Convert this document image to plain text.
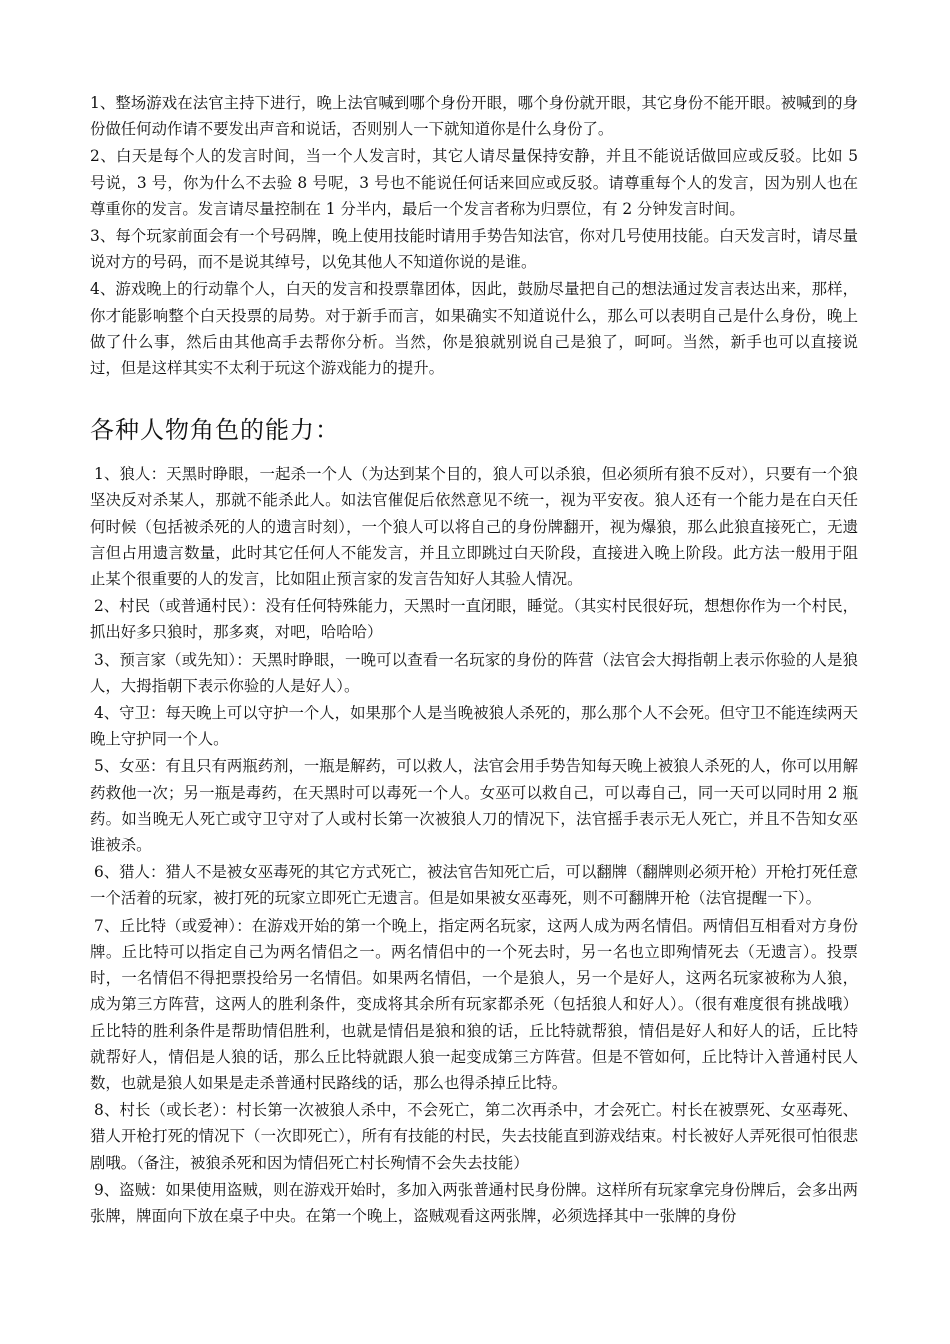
1、整场游戏在法官主持下进行，晚上法官喊到哪个身份开眼，哪个身份就开眼，其它身份不能开眼。被喊到的身份做任何动作请不要发出声音和说话，否则别人一下就知道你是什么身份了。

2、白天是每个人的发言时间，当一个人发言时，其它人请尽量保持安静，并且不能说话做回应或反驳。比如 5 号说，3 号，你为什么不去验 8 号呢，3 号也不能说任何话来回应或反驳。请尊重每个人的发言，因为别人也在尊重你的发言。发言请尽量控制在 1 分半内，最后一个发言者称为归票位，有 2 分钟发言时间。

3、每个玩家前面会有一个号码牌，晚上使用技能时请用手势告知法官，你对几号使用技能。白天发言时，请尽量说对方的号码，而不是说其绰号，以免其他人不知道你说的是谁。

4、游戏晚上的行动靠个人，白天的发言和投票靠团体，因此，鼓励尽量把自己的想法通过发言表达出来，那样，你才能影响整个白天投票的局势。对于新手而言，如果确实不知道说什么，那么可以表明自己是什么身份，晚上做了什么事，然后由其他高手去帮你分析。当然，你是狼就别说自己是狼了，呵呵。当然，新手也可以直接说过，但是这样其实不太利于玩这个游戏能力的提升。

各种人物角色的能力：

1、狼人：天黑时睁眼，一起杀一个人（为达到某个目的，狼人可以杀狼，但必须所有狼不反对），只要有一个狼坚决反对杀某人，那就不能杀此人。如法官催促后依然意见不统一，视为平安夜。狼人还有一个能力是在白天任何时候（包括被杀死的人的遗言时刻），一个狼人可以将自己的身份牌翻开，视为爆狼，那么此狼直接死亡，无遗言但占用遗言数量，此时其它任何人不能发言，并且立即跳过白天阶段，直接进入晚上阶段。此方法一般用于阻止某个很重要的人的发言，比如阻止预言家的发言告知好人其验人情况。

2、村民（或普通村民）：没有任何特殊能力，天黑时一直闭眼，睡觉。（其实村民很好玩，想想你作为一个村民，抓出好多只狼时，那多爽，对吧，哈哈哈）

3、预言家（或先知）：天黑时睁眼，一晚可以查看一名玩家的身份的阵营（法官会大拇指朝上表示你验的人是狼人，大拇指朝下表示你验的人是好人）。

4、守卫：每天晚上可以守护一个人，如果那个人是当晚被狼人杀死的，那么那个人不会死。但守卫不能连续两天晚上守护同一个人。

5、女巫：有且只有两瓶药剂，一瓶是解药，可以救人，法官会用手势告知每天晚上被狼人杀死的人，你可以用解药救他一次；另一瓶是毒药，在天黑时可以毒死一个人。女巫可以救自己，可以毒自己，同一天可以同时用 2 瓶药。如当晚无人死亡或守卫守对了人或村长第一次被狼人刀的情况下，法官摇手表示无人死亡，并且不告知女巫谁被杀。

6、猎人：猎人不是被女巫毒死的其它方式死亡，被法官告知死亡后，可以翻牌（翻牌则必须开枪）开枪打死任意一个活着的玩家，被打死的玩家立即死亡无遗言。但是如果被女巫毒死，则不可翻牌开枪（法官提醒一下）。

7、丘比特（或爱神）：在游戏开始的第一个晚上，指定两名玩家，这两人成为两名情侣。两情侣互相看对方身份牌。丘比特可以指定自己为两名情侣之一。两名情侣中的一个死去时，另一名也立即殉情死去（无遗言）。投票时，一名情侣不得把票投给另一名情侣。如果两名情侣，一个是狼人，另一个是好人，这两名玩家被称为人狼，成为第三方阵营，这两人的胜利条件，变成将其余所有玩家都杀死（包括狼人和好人）。（很有难度很有挑战哦）丘比特的胜利条件是帮助情侣胜利，也就是情侣是狼和狼的话，丘比特就帮狼，情侣是好人和好人的话，丘比特就帮好人，情侣是人狼的话，那么丘比特就跟人狼一起变成第三方阵营。但是不管如何，丘比特计入普通村民人数，也就是狼人如果是走杀普通村民路线的话，那么也得杀掉丘比特。

8、村长（或长老）：村长第一次被狼人杀中，不会死亡，第二次再杀中，才会死亡。村长在被票死、女巫毒死、猎人开枪打死的情况下（一次即死亡），所有有技能的村民，失去技能直到游戏结束。村长被好人弄死很可怕很悲剧哦。（备注，被狼杀死和因为情侣死亡村长殉情不会失去技能）

9、盗贼：如果使用盗贼，则在游戏开始时，多加入两张普通村民身份牌。这样所有玩家拿完身份牌后，会多出两张牌，牌面向下放在桌子中央。在第一个晚上，盗贼观看这两张牌，必须选择其中一张牌的身份
